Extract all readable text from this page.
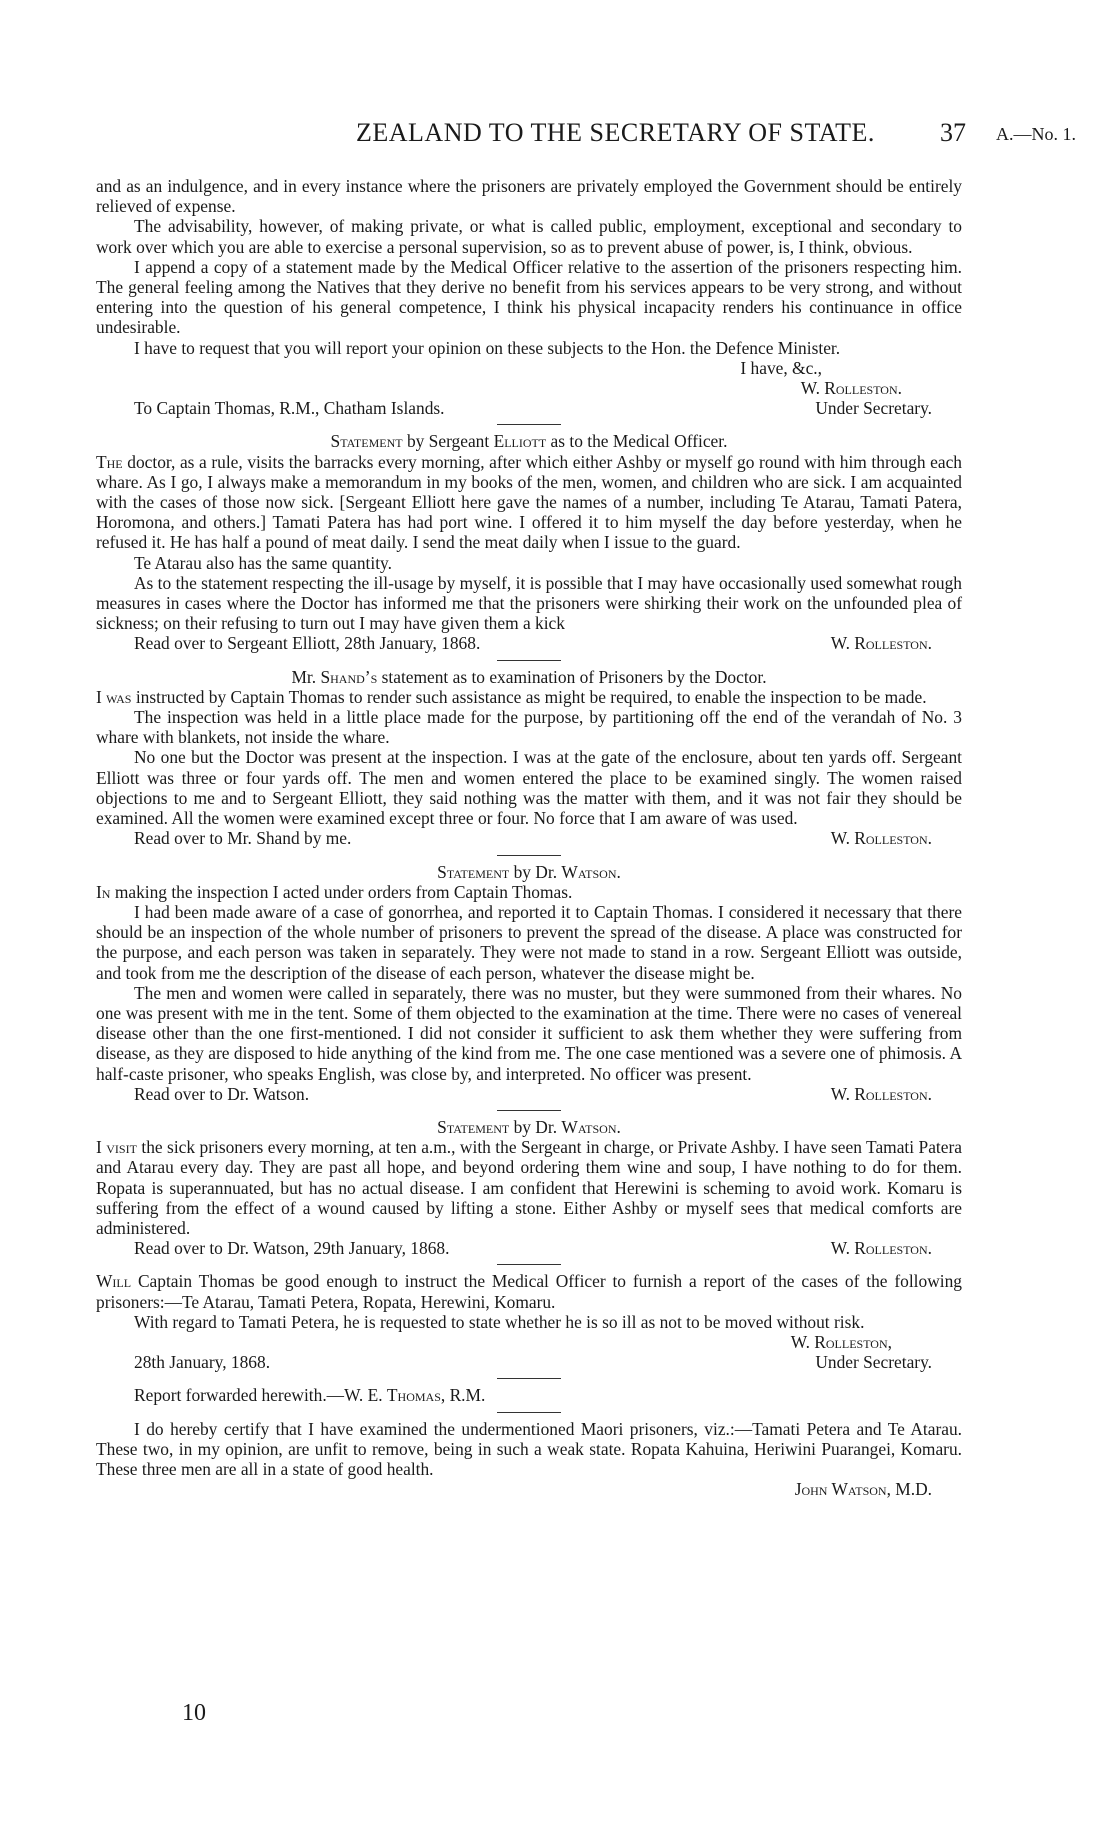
ZEALAND TO THE SECRETARY OF STATE.	37 A.—No. 1.

and as an indulgence, and in every instance where the prisoners are privately employed the Government should be entirely relieved of expense.

The advisability, however, of making private, or what is called public, employment, exceptional and secondary to work over which you are able to exercise a personal supervision, so as to prevent abuse of power, is, I think, obvious.

I append a copy of a statement made by the Medical Officer relative to the assertion of the prisoners respecting him. The general feeling among the Natives that they derive no benefit from his services appears to be very strong, and without entering into the question of his general competence, I think his physical incapacity renders his continuance in office undesirable.

I have to request that you will report your opinion on these subjects to the Hon. the Defence Minister.

I have, &c.,

W. Rolleston.

To Captain Thomas, R.M., Chatham Islands.	Under Secretary.

Statement by Sergeant Elliott as to the Medical Officer.

The doctor, as a rule, visits the barracks every morning, after which either Ashby or myself go round with him through each whare. As I go, I always make a memorandum in my books of the men, women, and children who are sick. I am acquainted with the cases of those now sick. [Sergeant Elliott here gave the names of a number, including Te Atarau, Tamati Patera, Horomona, and others.] Tamati Patera has had port wine. I offered it to him myself the day before yesterday, when he refused it. He has half a pound of meat daily. I send the meat daily when I issue to the guard.

Te Atarau also has the same quantity.

As to the statement respecting the ill-usage by myself, it is possible that I may have occasionally used somewhat rough measures in cases where the Doctor has informed me that the prisoners were shirking their work on the unfounded plea of sickness; on their refusing to turn out I may have given them a kick

Read over to Sergeant Elliott, 28th January, 1868.	W. Rolleston.

Mr. Shand’s statement as to examination of Prisoners by the Doctor.

I was instructed by Captain Thomas to render such assistance as might be required, to enable the inspection to be made.

The inspection was held in a little place made for the purpose, by partitioning off the end of the verandah of No. 3 whare with blankets, not inside the whare.

No one but the Doctor was present at the inspection. I was at the gate of the enclosure, about ten yards off. Sergeant Elliott was three or four yards off. The men and women entered the place to be examined singly. The women raised objections to me and to Sergeant Elliott, they said nothing was the matter with them, and it was not fair they should be examined. All the women were examined except three or four. No force that I am aware of was used.

Read over to Mr. Shand by me.	W. Rolleston.

Statement by Dr. Watson.

In making the inspection I acted under orders from Captain Thomas.

I had been made aware of a case of gonorrhea, and reported it to Captain Thomas. I considered it necessary that there should be an inspection of the whole number of prisoners to prevent the spread of the disease. A place was constructed for the purpose, and each person was taken in separately. They were not made to stand in a row. Sergeant Elliott was outside, and took from me the description of the disease of each person, whatever the disease might be.

The men and women were called in separately, there was no muster, but they were summoned from their whares. No one was present with me in the tent. Some of them objected to the examination at the time. There were no cases of venereal disease other than the one first-mentioned. I did not consider it sufficient to ask them whether they were suffering from disease, as they are disposed to hide anything of the kind from me. The one case mentioned was a severe one of phimosis. A half-caste prisoner, who speaks English, was close by, and interpreted. No officer was present.

Read over to Dr. Watson.	W. Rolleston.

Statement by Dr. Watson.

I visit the sick prisoners every morning, at ten a.m., with the Sergeant in charge, or Private Ashby. I have seen Tamati Patera and Atarau every day. They are past all hope, and beyond ordering them wine and soup, I have nothing to do for them. Ropata is superannuated, but has no actual disease. I am confident that Herewini is scheming to avoid work. Komaru is suffering from the effect of a wound caused by lifting a stone. Either Ashby or myself sees that medical comforts are administered.

Read over to Dr. Watson, 29th January, 1868.	W. Rolleston.

Will Captain Thomas be good enough to instruct the Medical Officer to furnish a report of the cases of the following prisoners:—Te Atarau, Tamati Petera, Ropata, Herewini, Komaru.

With regard to Tamati Petera, he is requested to state whether he is so ill as not to be moved without risk.

W. Rolleston,

28th January, 1868.	Under Secretary.

Report forwarded herewith.—W. E. Thomas, R.M.

I do hereby certify that I have examined the undermentioned Maori prisoners, viz.:—Tamati Petera and Te Atarau. These two, in my opinion, are unfit to remove, being in such a weak state. Ropata Kahuina, Heriwini Puarangei, Komaru. These three men are all in a state of good health.

John Watson, M.D.

10
